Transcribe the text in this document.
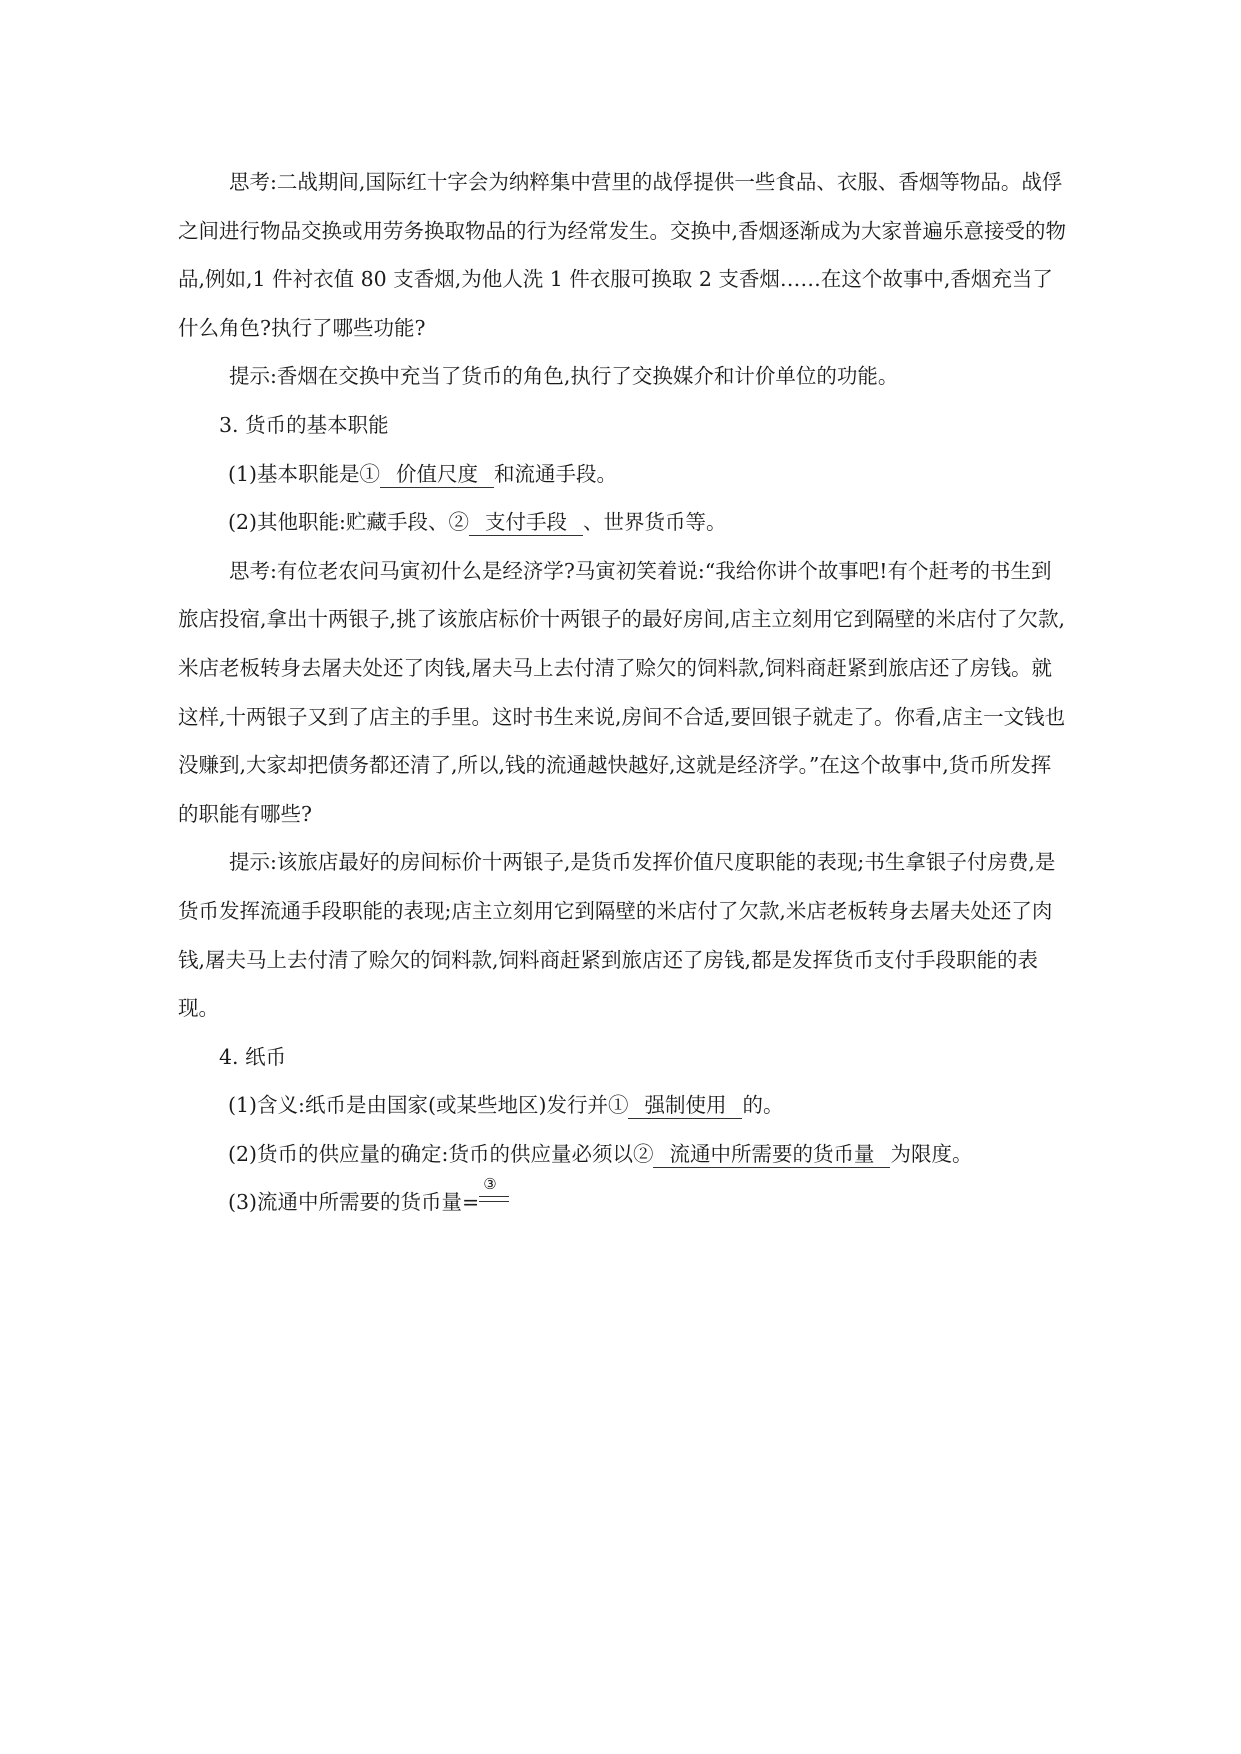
思考:二战期间,国际红十字会为纳粹集中营里的战俘提供一些食品、衣服、香烟等物品。战俘之间进行物品交换或用劳务换取物品的行为经常发生。交换中,香烟逐渐成为大家普遍乐意接受的物品,例如,1 件衬衣值 80 支香烟,为他人洗 1 件衣服可换取 2 支香烟……在这个故事中,香烟充当了什么角色?执行了哪些功能?

提示:香烟在交换中充当了货币的角色,执行了交换媒介和计价单位的功能。

3. 货币的基本职能

(1)基本职能是① 价值尺度 和流通手段。

(2)其他职能:贮藏手段、② 支付手段 、世界货币等。

思考:有位老农问马寅初什么是经济学?马寅初笑着说:“我给你讲个故事吧!有个赶考的书生到旅店投宿,拿出十两银子,挑了该旅店标价十两银子的最好房间,店主立刻用它到隔壁的米店付了欠款,米店老板转身去屠夫处还了肉钱,屠夫马上去付清了赊欠的饲料款,饲料商赶紧到旅店还了房钱。就这样,十两银子又到了店主的手里。这时书生来说,房间不合适,要回银子就走了。你看,店主一文钱也没赚到,大家却把债务都还清了,所以,钱的流通越快越好,这就是经济学。”在这个故事中,货币所发挥的职能有哪些?

提示:该旅店最好的房间标价十两银子,是货币发挥价值尺度职能的表现;书生拿银子付房费,是货币发挥流通手段职能的表现;店主立刻用它到隔壁的米店付了欠款,米店老板转身去屠夫处还了肉钱,屠夫马上去付清了赊欠的饲料款,饲料商赶紧到旅店还了房钱,都是发挥货币支付手段职能的表现。

4. 纸币

(1)含义:纸币是由国家(或某些地区)发行并① 强制使用 的。

(2)货币的供应量的确定:货币的供应量必须以② 流通中所需要的货币量 为限度。

(3)流通中所需要的货币量=
③
